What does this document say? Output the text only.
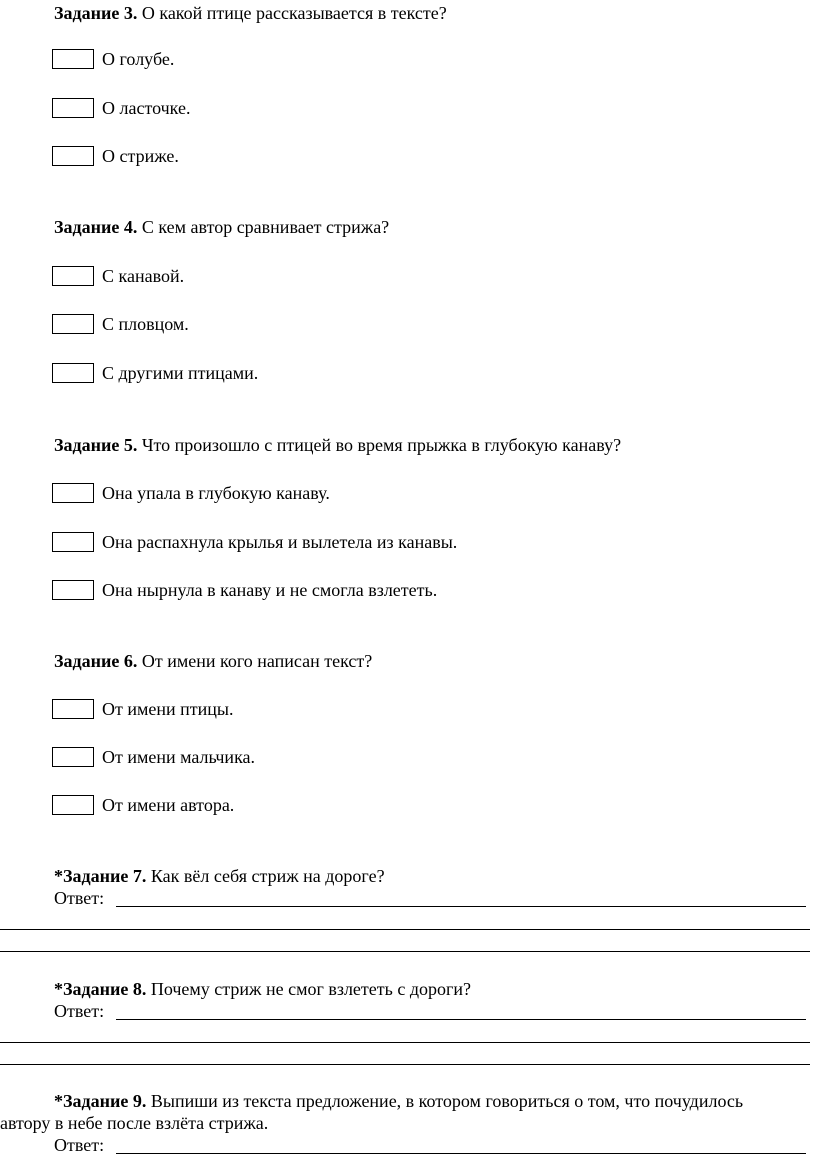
Задание 3. О какой птице рассказывается в тексте?
О голубе.
О ласточке.
О стриже.
Задание 4. С кем автор сравнивает стрижа?
С канавой.
С пловцом.
С другими птицами.
Задание 5. Что произошло с птицей во время прыжка в глубокую канаву?
Она упала в глубокую канаву.
Она распахнула крылья и вылетела из канавы.
Она нырнула в канаву и не смогла взлететь.
Задание 6. От имени кого написан текст?
От имени птицы.
От имени мальчика.
От имени автора.
*Задание 7. Как вёл себя стриж на дороге?
Ответ:
*Задание 8. Почему стриж не смог взлететь с дороги?
Ответ:
*Задание 9. Выпиши из текста предложение, в котором говориться о том, что почудилось
автору в небе после взлёта стрижа.
Ответ:
